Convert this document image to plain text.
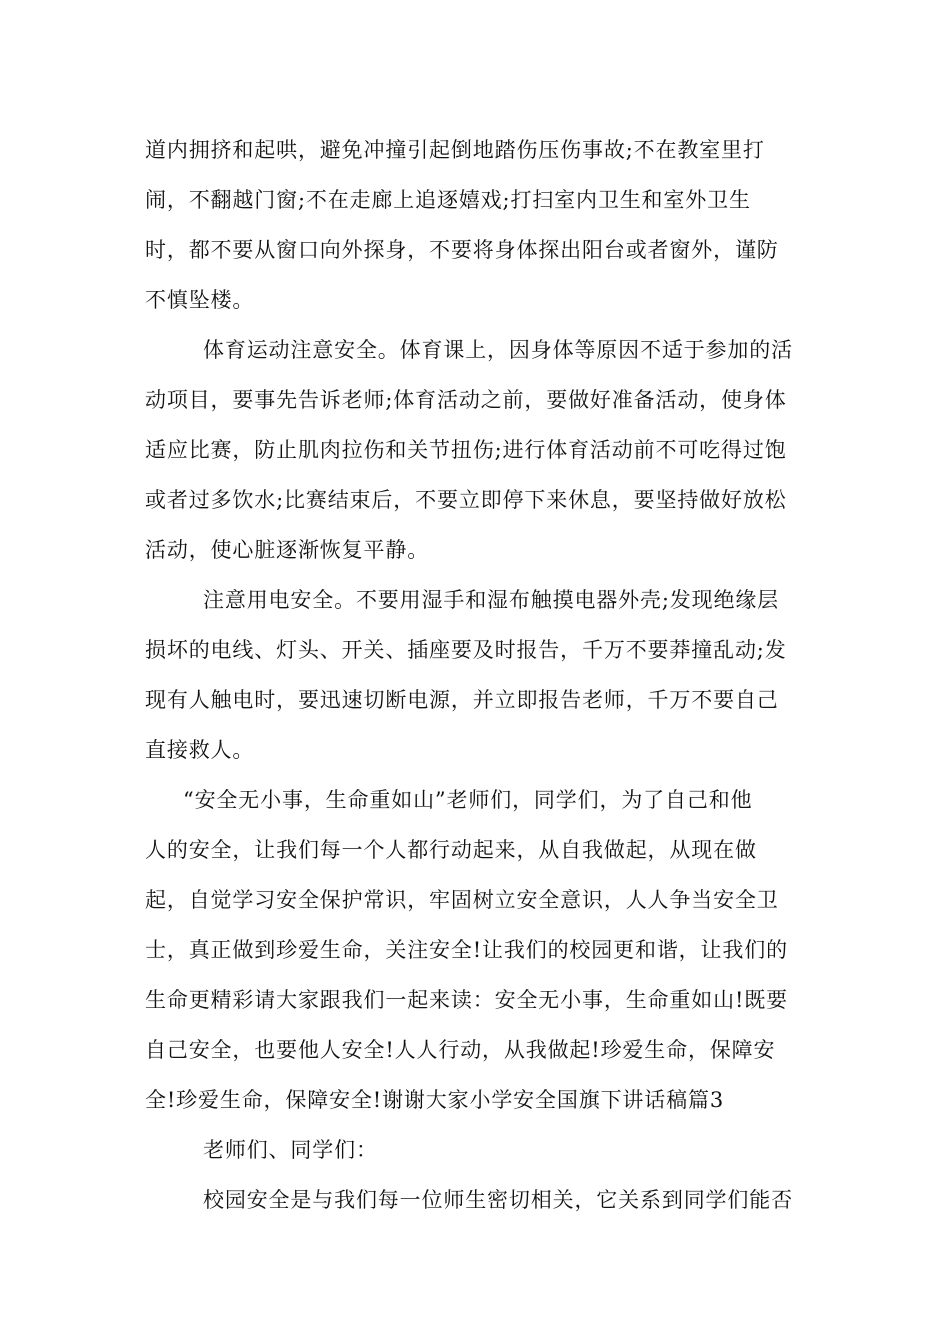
道内拥挤和起哄，避免冲撞引起倒地踏伤压伤事故;不在教室里打
闹，不翻越门窗;不在走廊上追逐嬉戏;打扫室内卫生和室外卫生
时，都不要从窗口向外探身，不要将身体探出阳台或者窗外，谨防
不慎坠楼。
体育运动注意安全。体育课上，因身体等原因不适于参加的活
动项目，要事先告诉老师;体育活动之前，要做好准备活动，使身体
适应比赛，防止肌肉拉伤和关节扭伤;进行体育活动前不可吃得过饱
或者过多饮水;比赛结束后，不要立即停下来休息，要坚持做好放松
活动，使心脏逐渐恢复平静。
注意用电安全。不要用湿手和湿布触摸电器外壳;发现绝缘层
损坏的电线、灯头、开关、插座要及时报告，千万不要莽撞乱动;发
现有人触电时，要迅速切断电源，并立即报告老师，千万不要自己
直接救人。
“安全无小事，生命重如山”老师们，同学们，为了自己和他
人的安全，让我们每一个人都行动起来，从自我做起，从现在做
起，自觉学习安全保护常识，牢固树立安全意识，人人争当安全卫
士，真正做到珍爱生命，关注安全!让我们的校园更和谐，让我们的
生命更精彩请大家跟我们一起来读：安全无小事，生命重如山!既要
自己安全，也要他人安全!人人行动，从我做起!珍爱生命，保障安
全!珍爱生命，保障安全!谢谢大家小学安全国旗下讲话稿篇3
老师们、同学们：
校园安全是与我们每一位师生密切相关，它关系到同学们能否
